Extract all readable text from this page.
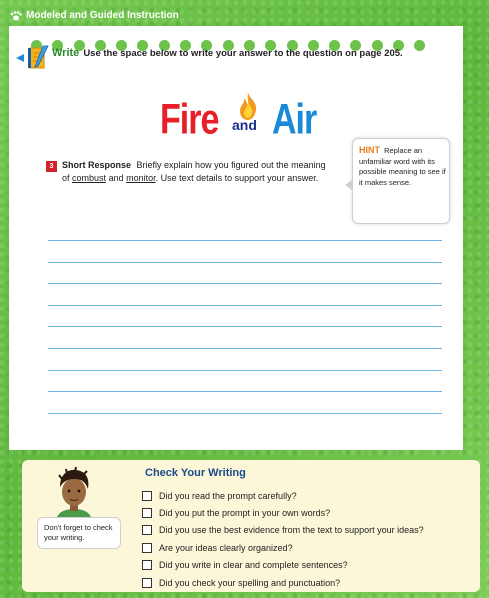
Modeled and Guided Instruction
Write Use the space below to write your answer to the question on page 205.
Fire and Air
3 Short Response Briefly explain how you figured out the meaning of combust and monitor. Use text details to support your answer.
HINT Replace an unfamiliar word with its possible meaning to see if it makes sense.
Don't forget to check your writing.
Check Your Writing
Did you read the prompt carefully?
Did you put the prompt in your own words?
Did you use the best evidence from the text to support your ideas?
Are your ideas clearly organized?
Did you write in clear and complete sentences?
Did you check your spelling and punctuation?
